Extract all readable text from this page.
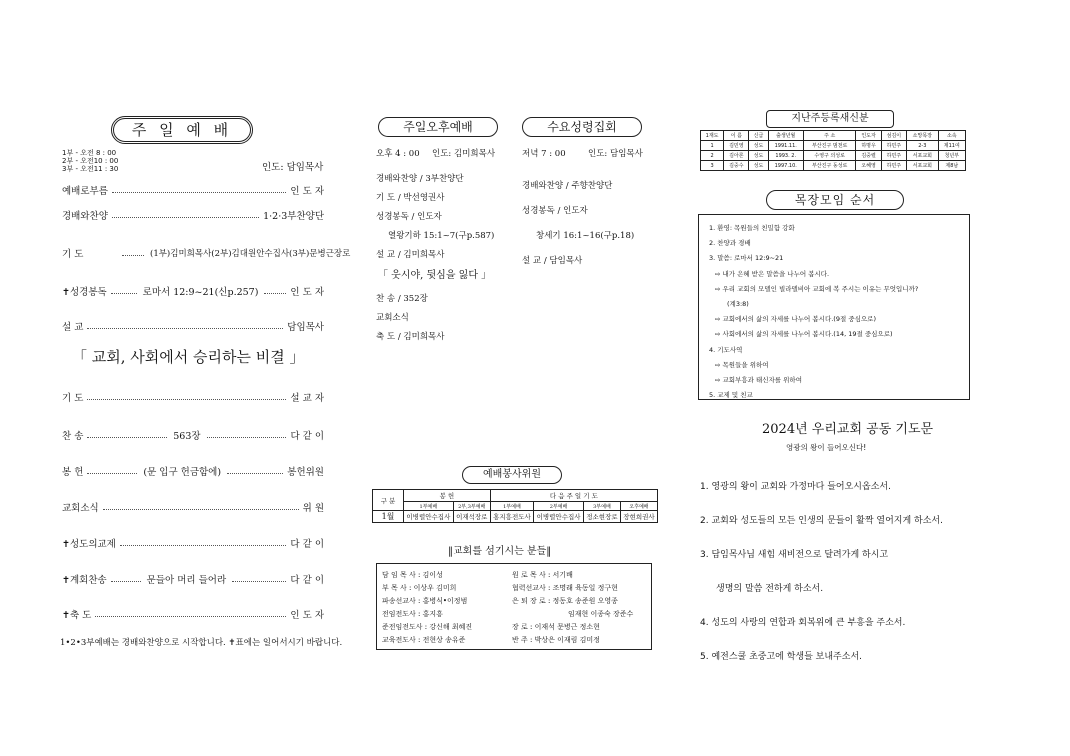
주 일 예 배
1부 - 오전 8 : 00
2부 - 오전10 : 00
3부 - 오전11 : 30	인도: 담임목사
예배로부름	인 도 자
경배와찬양	1·2·3부찬양단
기 도	(1부)김미희목사(2부)김대원안수집사(3부)문병근장로
✝성경봉독	로마서 12:9~21(신p.257)	인 도 자
설 교	담임목사
「 교회, 사회에서 승리하는 비결 」
기 도	설 교 자
찬 송	563장	다 같 이
봉 헌	(문 입구 헌금함에)	봉헌위원
교회소식	위 원
✝성도의교제	다 같 이
✝계회찬송	문들아 머리 들어라	다 같 이
✝축 도	인 도 자
1•2•3부예배는 경배와찬양으로 시작합니다. ✝표에는 일어서시기 바랍니다.
주일오후예배	수요성령집회
오후 4 : 00 인도: 김미희목사
경배와찬양 / 3부찬양단
기 도 / 박선영권사
성경봉독 / 인도자
열왕기하 15:1~7(구p.587)
설 교 / 김미희목사
「 웃시야, 뒷심을 잃다 」
찬 송 / 352장
교회소식
축 도 / 김미희목사
저녁 7 : 00	인도: 담임목사
경배와찬양 / 주향찬양단
성경봉독 / 인도자
창세기 16:1~16(구p.18)
설 교 / 담임목사
예배봉사위원
구 분	봉 헌		다 음 주 일 기 도			
	1부예배	2부,3부예배	1부예배	2부예배	3부예배	오후예배
1월	이병렬안수집사	이재석장로	홍지흥전도사	이병렬안수집사	정소현장로	장현희권사
‖교회를 섬기시는 분들‖
담 임 목 사 : 김이성
부 목 사 : 이상우 김미희
파송선교사 : 홍병식•이정범
전임전도사 : 홍지흥
준전임전도사 : 강신해 최혜진
교육전도사 : 전현상 송유준
원 로 목 사 : 서기배
협력선교사 : 조명래 육동일 정구현
은 퇴 장 로 : 정동호 송준원 오영종
임재현 이종숙 장준수
장 로 : 이재석 문병근 정소현
반 주 : 박상은 이재림 김미정
지난주등록새신분
1재도	이 름	신급	출생년월	주 소	인도자	섬김이	소망목장	소속
1	김민영	성도	1991.11.	부산진구 범천로	하명우	하민주	2-3	제11여
2	김아론	성도	1993. 2.	수영구 의성로	김중렬	하민주	서포교회	청년부
3	김중수	성도	1997.10.	부산진구 동성로	오혜영	하민주	서포교회	제8남
목장모임 순서
1. 환영: 목원들의 친밀함 강화
2. 찬양과 경배
3. 말씀: 로마서 12:9~21
⇨ 내가 은혜 받은 말씀을 나누어 봅시다.
⇨ 우리 교회의 모델인 빌라델비아 교회에 복 주시는 이유는 무엇입니까?
(계3:8)
⇨ 교회에서의 삶의 자세를 나누어 봅시다.(9절 중심으로)
⇨ 사회에서의 삶의 자세를 나누어 봅시다.(14, 19절 중심으로)
4. 기도사역
⇨ 목원들을 위하여
⇨ 교회부흥과 태신자를 위하여
5. 교제 및 친교
2024년 우리교회 공동 기도문
영광의 왕이 들어오신다!
1. 영광의 왕이 교회와 가정마다 들어오시옵소서.
2. 교회와 성도들의 모든 인생의 문들이 활짝 열어지게 하소서.
3. 담임목사님 새힘 새비전으로 달려가게 하시고
생명의 말씀 전하게 하소서.
4. 성도의 사랑의 연합과 회복위에 큰 부흥을 주소서.
5. 예전스쿨 초중고에 학생들 보내주소서.
